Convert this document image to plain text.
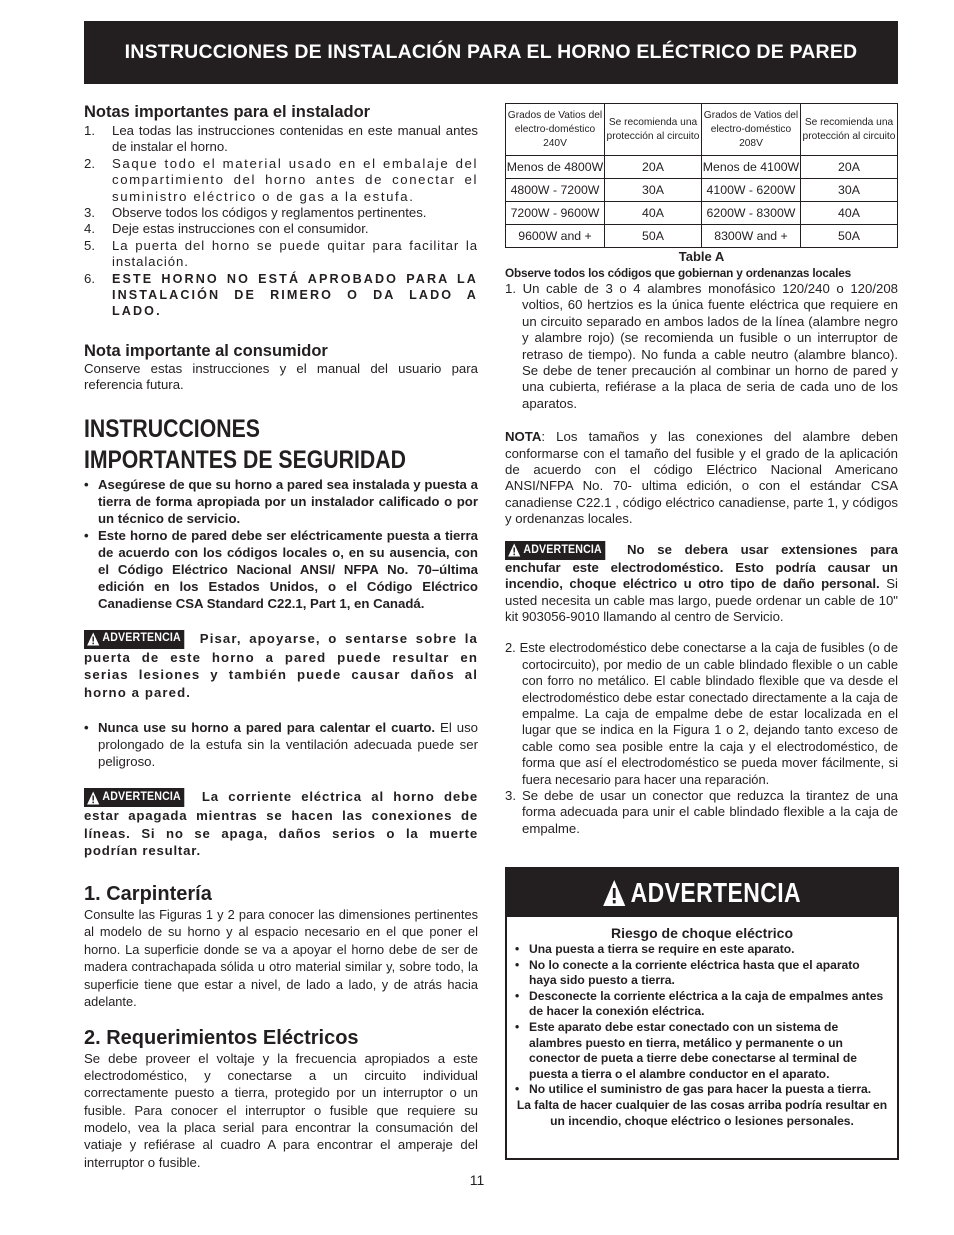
INSTRUCCIONES DE INSTALACIÓN PARA EL HORNO ELÉCTRICO DE PARED
Notas importantes para el instalador
1.	Lea todas las instrucciones contenidas en este manual antes de instalar el horno.
2.	Saque todo el material usado en el embalaje del compartimiento del horno antes de conectar el suministro eléctrico o de gas a la estufa.
3.	Observe todos los códigos y reglamentos pertinentes.
4.	Deje estas instrucciones con el consumidor.
5.	La puerta del horno se puede quitar para facilitar la instalación.
6.	ESTE HORNO NO ESTÁ APROBADO PARA LA INSTALACIÓN DE RIMERO O DA LADO A LADO.
Nota importante al consumidor

Conserve estas instrucciones y el manual del usuario para referencia futura.

INSTRUCCIONES
IMPORTANTES DE SEGURIDAD
• Asegúrese de que su horno a pared sea instalada y puesta a tierra de forma apropiada por un instalador calificado o por un técnico de servicio.
• Este horno de pared debe ser eléctricamente puesta a tierra de acuerdo con los códigos locales o, en su ausencia, con el Código Eléctrico Nacional ANSI/ NFPA No. 70–última edición en los Estados Unidos, o el Código Eléctrico Canadiense CSA Standard C22.1, Part 1, en Canadá.

ADVERTENCIA Pisar, apoyarse, o sentarse sobre la puerta de este horno a pared puede resultar en serias lesiones y también puede causar daños al horno a pared.

• Nunca use su horno a pared para calentar el cuarto. El uso prolongado de la estufa sin la ventilación adecuada puede ser peligroso.

ADVERTENCIA La corriente eléctrica al horno debe estar apagada mientras se hacen las conexiones de líneas. Si no se apaga, daños serios o la muerte podrían resultar.

1. Carpintería

Consulte las Figuras 1 y 2 para conocer las dimensiones pertinentes al modelo de su horno y al espacio necesario en el que poner el horno. La superficie donde se va a apoyar el horno debe de ser de madera contrachapada sólida u otro material similar y, sobre todo, la superficie tiene que estar a nivel, de lado a lado, y de atrás hacia adelante.

2. Requerimientos Eléctricos

Se debe proveer el voltaje y la frecuencia apropiados a este electrodoméstico, y conectarse a un circuito individual correctamente puesto a tierra, protegido por un interruptor o un fusible. Para conocer el interruptor o fusible que requiere su modelo, vea la placa serial para encontrar la consumación del vatiaje y refiérase al cuadro A para encontrar el amperaje del interruptor o fusible.

Grados de Vatios del electro-doméstico 240V	Se recomienda una protección al circuito	Grados de Vatios del electro-doméstico 208V	Se recomienda una protección al circuito
Menos de 4800W	20A	Menos de 4100W	20A
4800W - 7200W	30A	4100W - 6200W	30A
7200W - 9600W	40A	6200W - 8300W	40A
9600W and +	50A	8300W and +	50A
Table A
Observe todos los códigos que gobiernan y ordenanzas locales

1. Un cable de 3 o 4 alambres monofásico 120/240 o 120/208 voltios, 60 hertzios es la única fuente eléctrica que requiere en un circuito separado en ambos lados de la línea (alambre negro y alambre rojo) (se recomienda un fusible o un interruptor de retraso de tiempo). No funda a cable neutro (alambre blanco). Se debe de tener precaución al combinar un horno de pared y una cubierta, refiérase a la placa de seria de cada uno de los aparatos.

NOTA: Los tamaños y las conexiones del alambre deben conformarse con el tamaño del fusible y el grado de la aplicación de acuerdo con el código Eléctrico Nacional Americano ANSI/NFPA No. 70- ultima edición, o con el estándar CSA canadiense C22.1 , código eléctrico canadiense, parte 1, y códigos y ordenanzas locales.

ADVERTENCIA No se debera usar extensiones para enchufar este electrodoméstico. Esto podría causar un incendio, choque eléctrico u otro tipo de daño personal. Si usted necesita un cable mas largo, puede ordenar un cable de 10" kit 903056-9010 llamando al centro de Servicio.

2. Este electrodoméstico debe conectarse a la caja de fusibles (o de cortocircuito), por medio de un cable blindado flexible o un cable con forro no metálico. El cable blindado flexible que va desde el electrodoméstico debe estar conectado directamente a la caja de empalme. La caja de empalme debe de estar localizada en el lugar que se indica en la Figura 1 o 2, dejando tanto exceso de cable como sea posible entre la caja y el electrodoméstico, de forma que así el electrodoméstico se pueda mover fácilmente, si fuera necesario para hacer una reparación.

3. Se debe de usar un conector que reduzca la tirantez de una forma adecuada para unir el cable blindado flexible a la caja de empalme.

ADVERTENCIA
Riesgo de choque eléctrico
• Una puesta a tierra se require en este aparato.
• No lo conecte a la corriente eléctrica hasta que el aparato haya sido puesto a tierra.
• Desconecte la corriente eléctrica a la caja de empalmes antes de hacer la conexión eléctrica.
• Este aparato debe estar conectado con un sistema de alambres puesto en tierra, metálico y permanente o un conector de pueta a tierre debe conectarse al terminal de puesta a tierra o el alambre conductor en el aparato.
• No utilice el suministro de gas para hacer la puesta a tierra.

La falta de hacer cualquier de las cosas arriba podría resultar en un incendio, choque eléctrico o lesiones personales.

11
